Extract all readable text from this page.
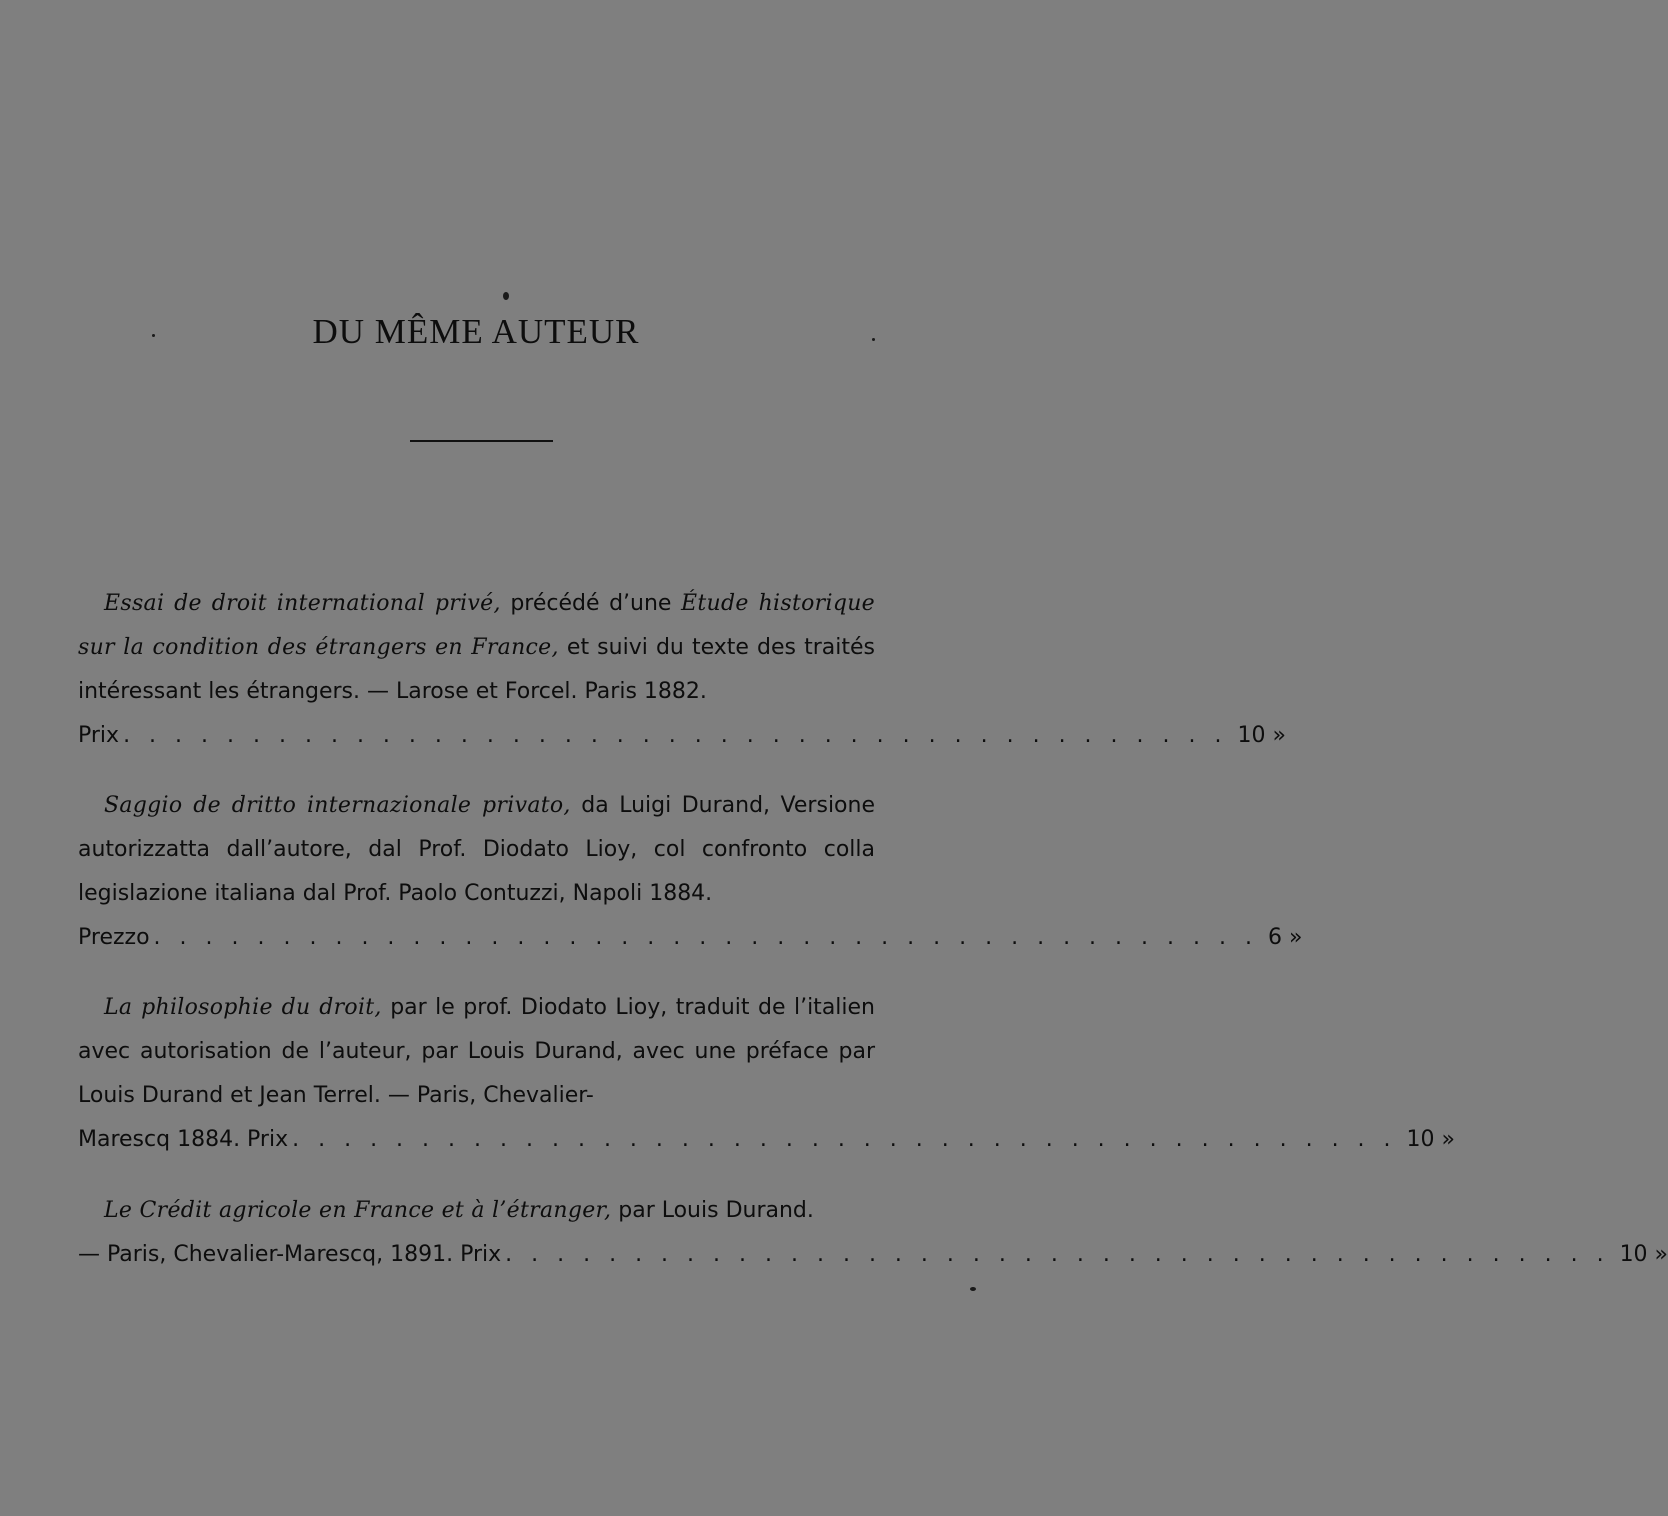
DU MÊME AUTEUR
Essai de droit international privé, précédé d’une Étude historique sur la condition des étrangers en France, et suivi du texte des traités intéressant les étrangers. — Larose et Forcel. Paris 1882.
Prix . . . . . . . . . . . . . . . . . . . . . . . . . . . . . . . . . . . . . . . . . . . 10 »
Saggio de dritto internazionale privato, da Luigi Durand, Versione autorizzatta dall’autore, dal Prof. Diodato Lioy, col confronto colla legislazione italiana dal Prof. Paolo Contuzzi, Napoli 1884.
Prezzo . . . . . . . . . . . . . . . . . . . . . . . . . . . . . . . . . . . . . . . . . . . 6 »
La philosophie du droit, par le prof. Diodato Lioy, traduit de l’italien avec autorisation de l’auteur, par Louis Durand, avec une préface par Louis Durand et Jean Terrel. — Paris, Chevalier-
Marescq 1884. Prix . . . . . . . . . . . . . . . . . . . . . . . . . . . . . . . . . . . . . . . . . . . 10 »
Le Crédit agricole en France et à l’étranger, par Louis Durand.
— Paris, Chevalier-Marescq, 1891. Prix . . . . . . . . . . . . . . . . . . . . . . . . . . . . . . . . . . . . . . . . . . . 10 »
